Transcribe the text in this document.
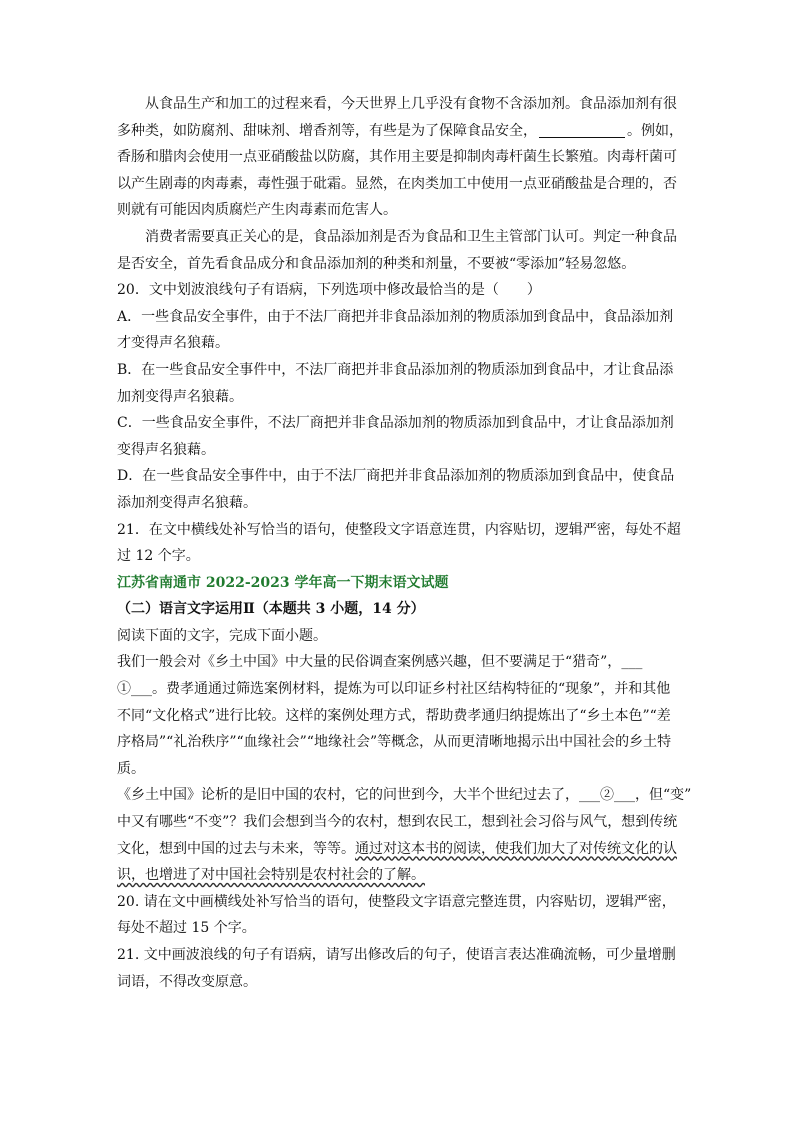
从食品生产和加工的过程来看，今天世界上几乎没有食物不含添加剂。食品添加剂有很
多种类，如防腐剂、甜味剂、增香剂等，有些是为了保障食品安全，	。例如，
香肠和腊肉会使用一点亚硝酸盐以防腐，其作用主要是抑制肉毒杆菌生长繁殖。肉毒杆菌可
以产生剧毒的肉毒素，毒性强于砒霜。显然，在肉类加工中使用一点亚硝酸盐是合理的，否
则就有可能因肉质腐烂产生肉毒素而危害人。
消费者需要真正关心的是，食品添加剂是否为食品和卫生主管部门认可。判定一种食品
是否安全，首先看食品成分和食品添加剂的种类和剂量，不要被“零添加”轻易忽悠。
20．文中划波浪线句子有语病，下列选项中修改最恰当的是（　　）
A．一些食品安全事件，由于不法厂商把并非食品添加剂的物质添加到食品中，食品添加剂
才变得声名狼藉。
B．在一些食品安全事件中，不法厂商把并非食品添加剂的物质添加到食品中，才让食品添
加剂变得声名狼藉。
C．一些食品安全事件，不法厂商把并非食品添加剂的物质添加到食品中，才让食品添加剂
变得声名狼藉。
D．在一些食品安全事件中，由于不法厂商把并非食品添加剂的物质添加到食品中，使食品
添加剂变得声名狼藉。
21．在文中横线处补写恰当的语句，使整段文字语意连贯，内容贴切，逻辑严密，每处不超
过 12 个字。
江苏省南通市 2022-2023 学年高一下期末语文试题
（二）语言文字运用Ⅱ（本题共 3 小题，14 分）
阅读下面的文字，完成下面小题。
我们一般会对《乡土中国》中大量的民俗调查案例感兴趣，但不要满足于“猎奇”，___
①___。费孝通通过筛选案例材料，提炼为可以印证乡村社区结构特征的“现象”，并和其他
不同“文化格式”进行比较。这样的案例处理方式，帮助费孝通归纳提炼出了“乡土本色”“差
序格局”“礼治秩序”“血缘社会”“地缘社会”等概念，从而更清晰地揭示出中国社会的乡土特
质。
《乡土中国》论析的是旧中国的农村，它的问世到今，大半个世纪过去了，___②___，但“变”
中又有哪些“不变”？我们会想到当今的农村，想到农民工，想到社会习俗与风气，想到传统
文化，想到中国的过去与未来，等等。通过对这本书的阅读，使我们加大了对传统文化的认
识，也增进了对中国社会特别是农村社会的了解。
20. 请在文中画横线处补写恰当的语句，使整段文字语意完整连贯，内容贴切，逻辑严密，
每处不超过 15 个字。
21. 文中画波浪线的句子有语病，请写出修改后的句子，使语言表达准确流畅，可少量增删
词语，不得改变原意。
